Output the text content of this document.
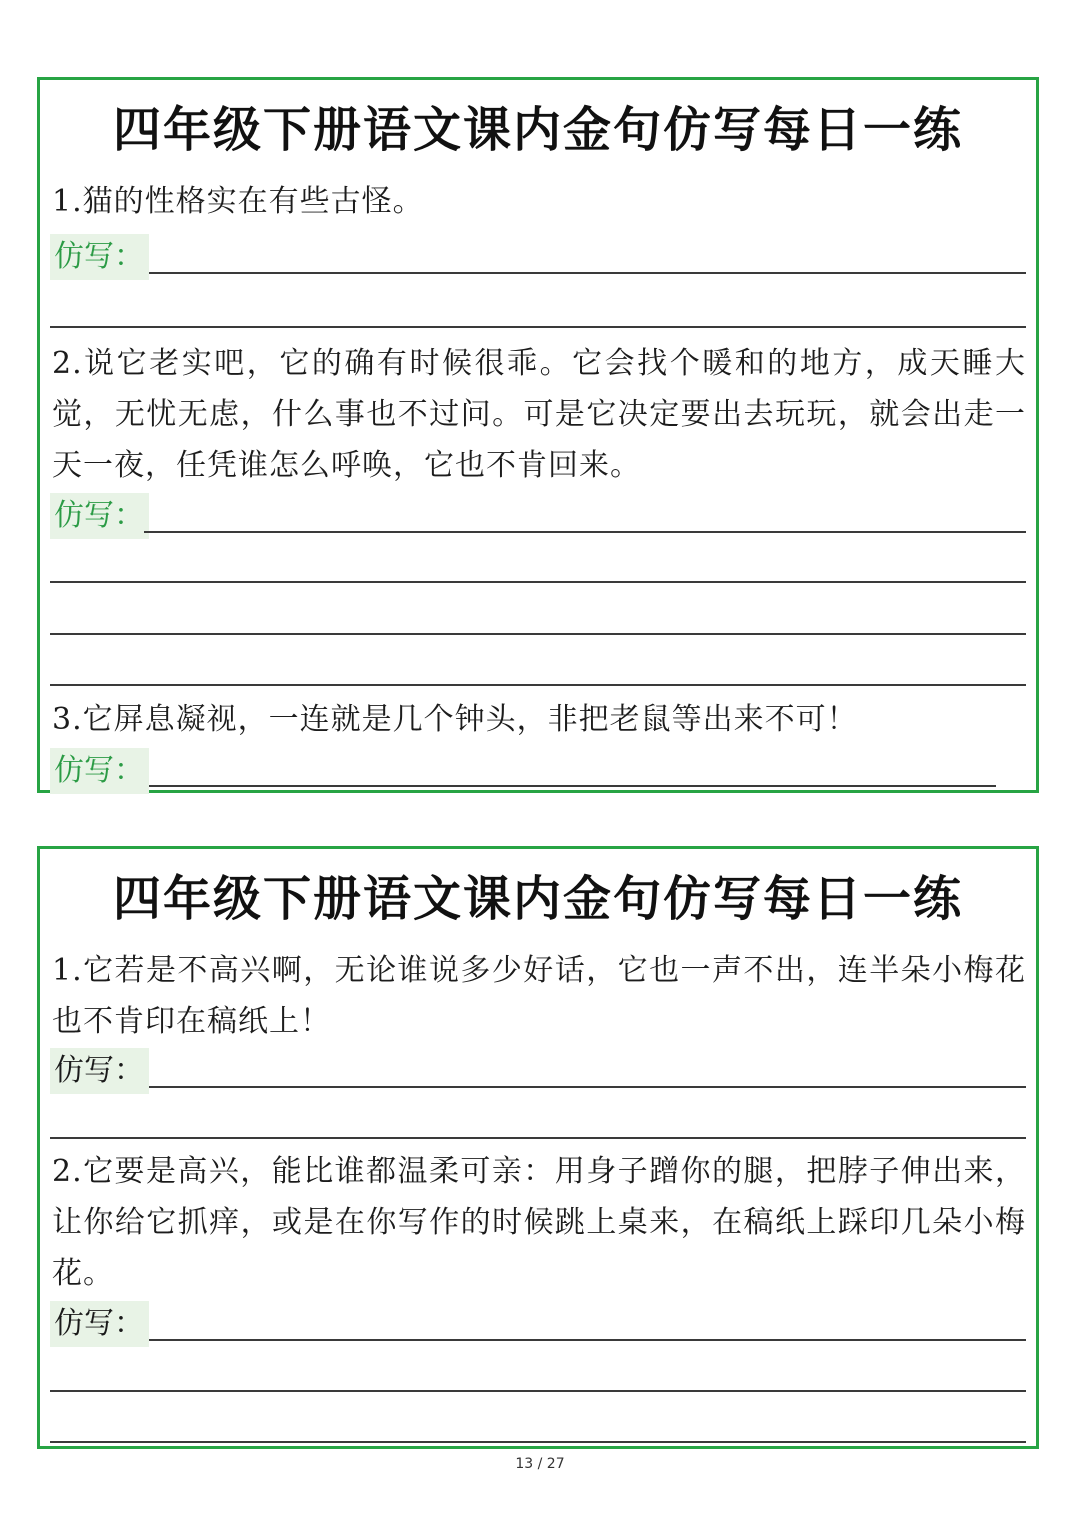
四年级下册语文课内金句仿写每日一练
1.猫的性格实在有些古怪。
仿写：
2.说它老实吧，它的确有时候很乖。它会找个暖和的地方，成天睡大觉，无忧无虑，什么事也不过问。可是它决定要出去玩玩，就会出走一天一夜，任凭谁怎么呼唤，它也不肯回来。
仿写：
3.它屏息凝视，一连就是几个钟头，非把老鼠等出来不可！
仿写：
四年级下册语文课内金句仿写每日一练
1.它若是不高兴啊，无论谁说多少好话，它也一声不出，连半朵小梅花也不肯印在稿纸上！
仿写：
2.它要是高兴，能比谁都温柔可亲：用身子蹭你的腿，把脖子伸出来，让你给它抓痒，或是在你写作的时候跳上桌来，在稿纸上踩印几朵小梅花。
仿写：
13 / 27
